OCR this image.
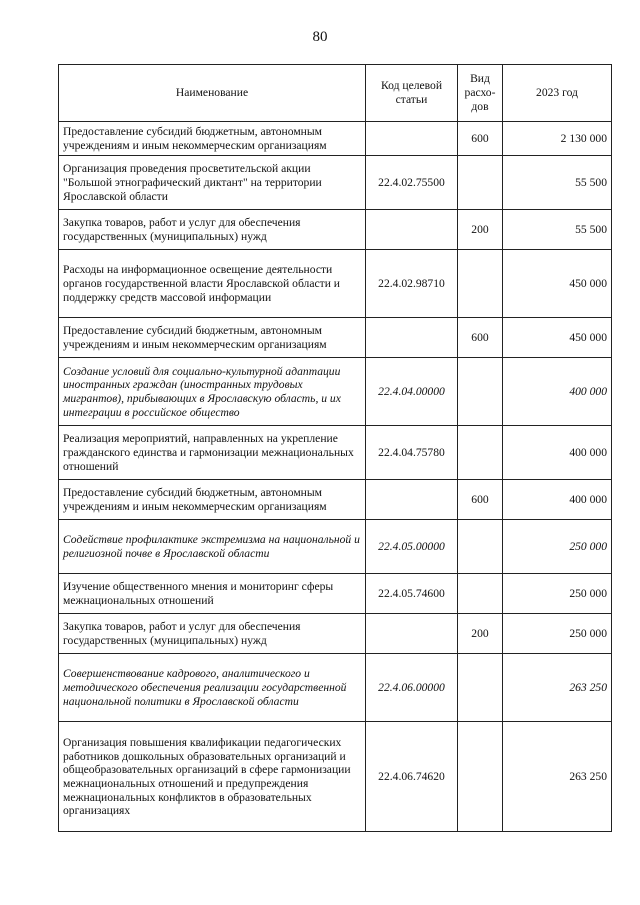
80
Наименование	Код целевой статьи	Вид расхо-дов	2023 год
Предоставление субсидий бюджетным, автономным учреждениям и иным некоммерческим организациям		600	2 130 000
Организация проведения просветительской акции "Большой этнографический диктант" на территории Ярославской области	22.4.02.75500		55 500
Закупка товаров, работ и услуг для обеспечения государственных (муниципальных) нужд		200	55 500
Расходы на информационное освещение деятельности органов государственной власти Ярославской области и поддержку средств массовой информации	22.4.02.98710		450 000
Предоставление субсидий бюджетным, автономным учреждениям и иным некоммерческим организациям		600	450 000
Создание условий для социально-культурной адаптации иностранных граждан (иностранных трудовых мигрантов), прибывающих в Ярославскую область, и их интеграции в российское общество	22.4.04.00000		400 000
Реализация мероприятий, направленных на укрепление гражданского единства и гармонизации межнациональных отношений	22.4.04.75780		400 000
Предоставление субсидий бюджетным, автономным учреждениям и иным некоммерческим организациям		600	400 000
Содействие профилактике экстремизма на национальной и религиозной почве в Ярославской области	22.4.05.00000		250 000
Изучение общественного мнения и мониторинг сферы межнациональных отношений	22.4.05.74600		250 000
Закупка товаров, работ и услуг для обеспечения государственных (муниципальных) нужд		200	250 000
Совершенствование кадрового, аналитического и методического обеспечения реализации государственной национальной политики в Ярославской области	22.4.06.00000		263 250
Организация повышения квалификации педагогических работников дошкольных образовательных организаций и общеобразовательных организаций в сфере гармонизации межнациональных отношений и предупреждения межнациональных конфликтов в образовательных организациях	22.4.06.74620		263 250
